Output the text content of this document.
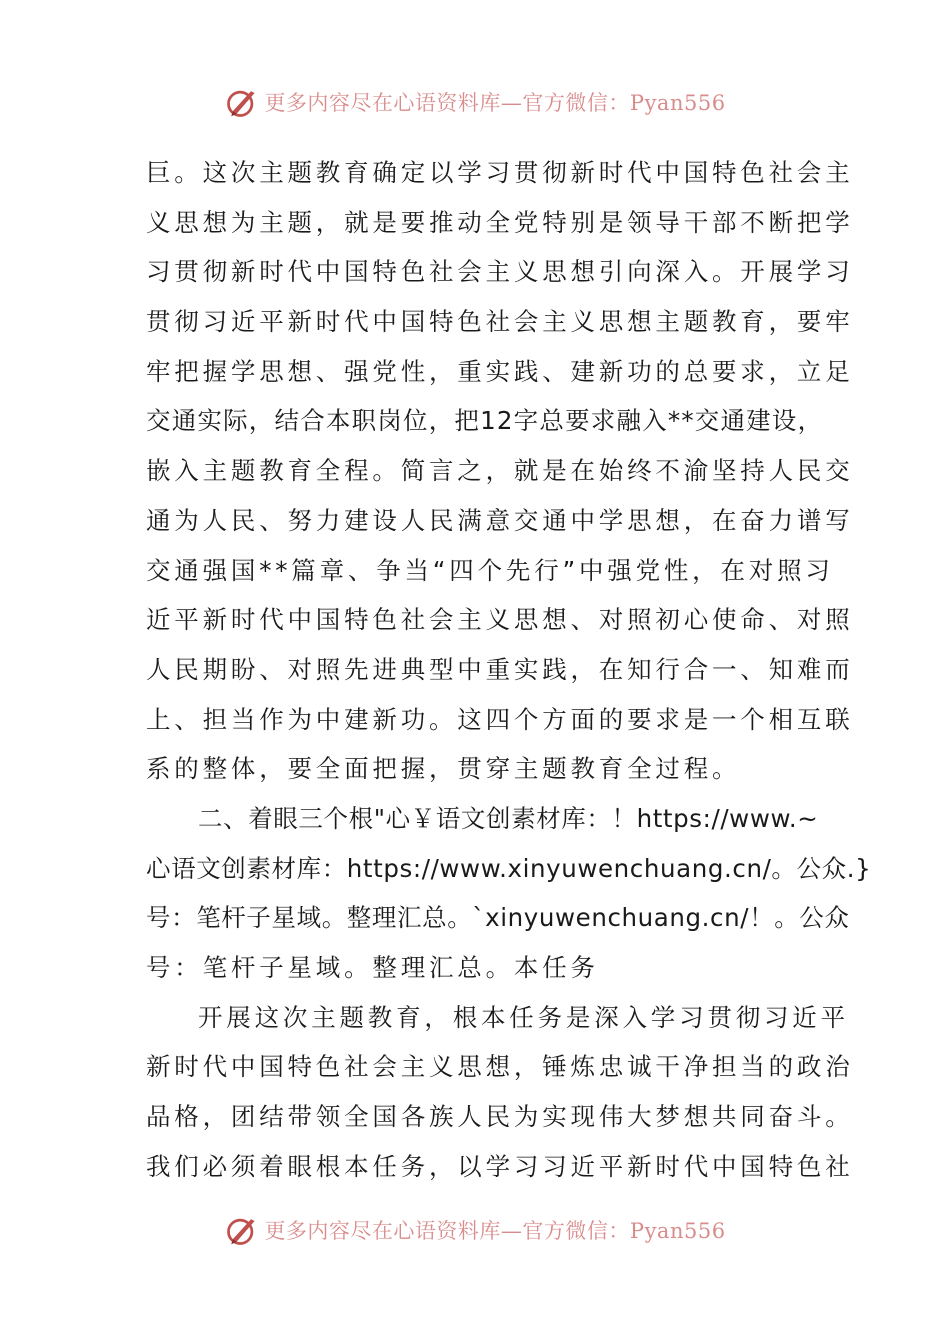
更多内容尽在心语资料库—官方微信：Pyan556
巨。这次主题教育确定以学习贯彻新时代中国特色社会主
义思想为主题，就是要推动全党特别是领导干部不断把学
习贯彻新时代中国特色社会主义思想引向深入。开展学习
贯彻习近平新时代中国特色社会主义思想主题教育，要牢
牢把握学思想、强党性，重实践、建新功的总要求，立足
交通实际，结合本职岗位，把12字总要求融入**交通建设，
嵌入主题教育全程。简言之，就是在始终不渝坚持人民交
通为人民、努力建设人民满意交通中学思想，在奋力谱写
交通强国**篇章、争当“四个先行”中强党性，在对照习
近平新时代中国特色社会主义思想、对照初心使命、对照
人民期盼、对照先进典型中重实践，在知行合一、知难而
上、担当作为中建新功。这四个方面的要求是一个相互联
系的整体，要全面把握，贯穿主题教育全过程。
二、着眼三个根"心￥语文创素材库：！https://www.~
心语文创素材库：https://www.xinyuwenchuang.cn/。公众.}
号：笔杆子星域。整理汇总。`xinyuwenchuang.cn/！。公众
号：笔杆子星域。整理汇总。本任务
开展这次主题教育，根本任务是深入学习贯彻习近平
新时代中国特色社会主义思想，锤炼忠诚干净担当的政治
品格，团结带领全国各族人民为实现伟大梦想共同奋斗。
我们必须着眼根本任务，以学习习近平新时代中国特色社
更多内容尽在心语资料库—官方微信：Pyan556
